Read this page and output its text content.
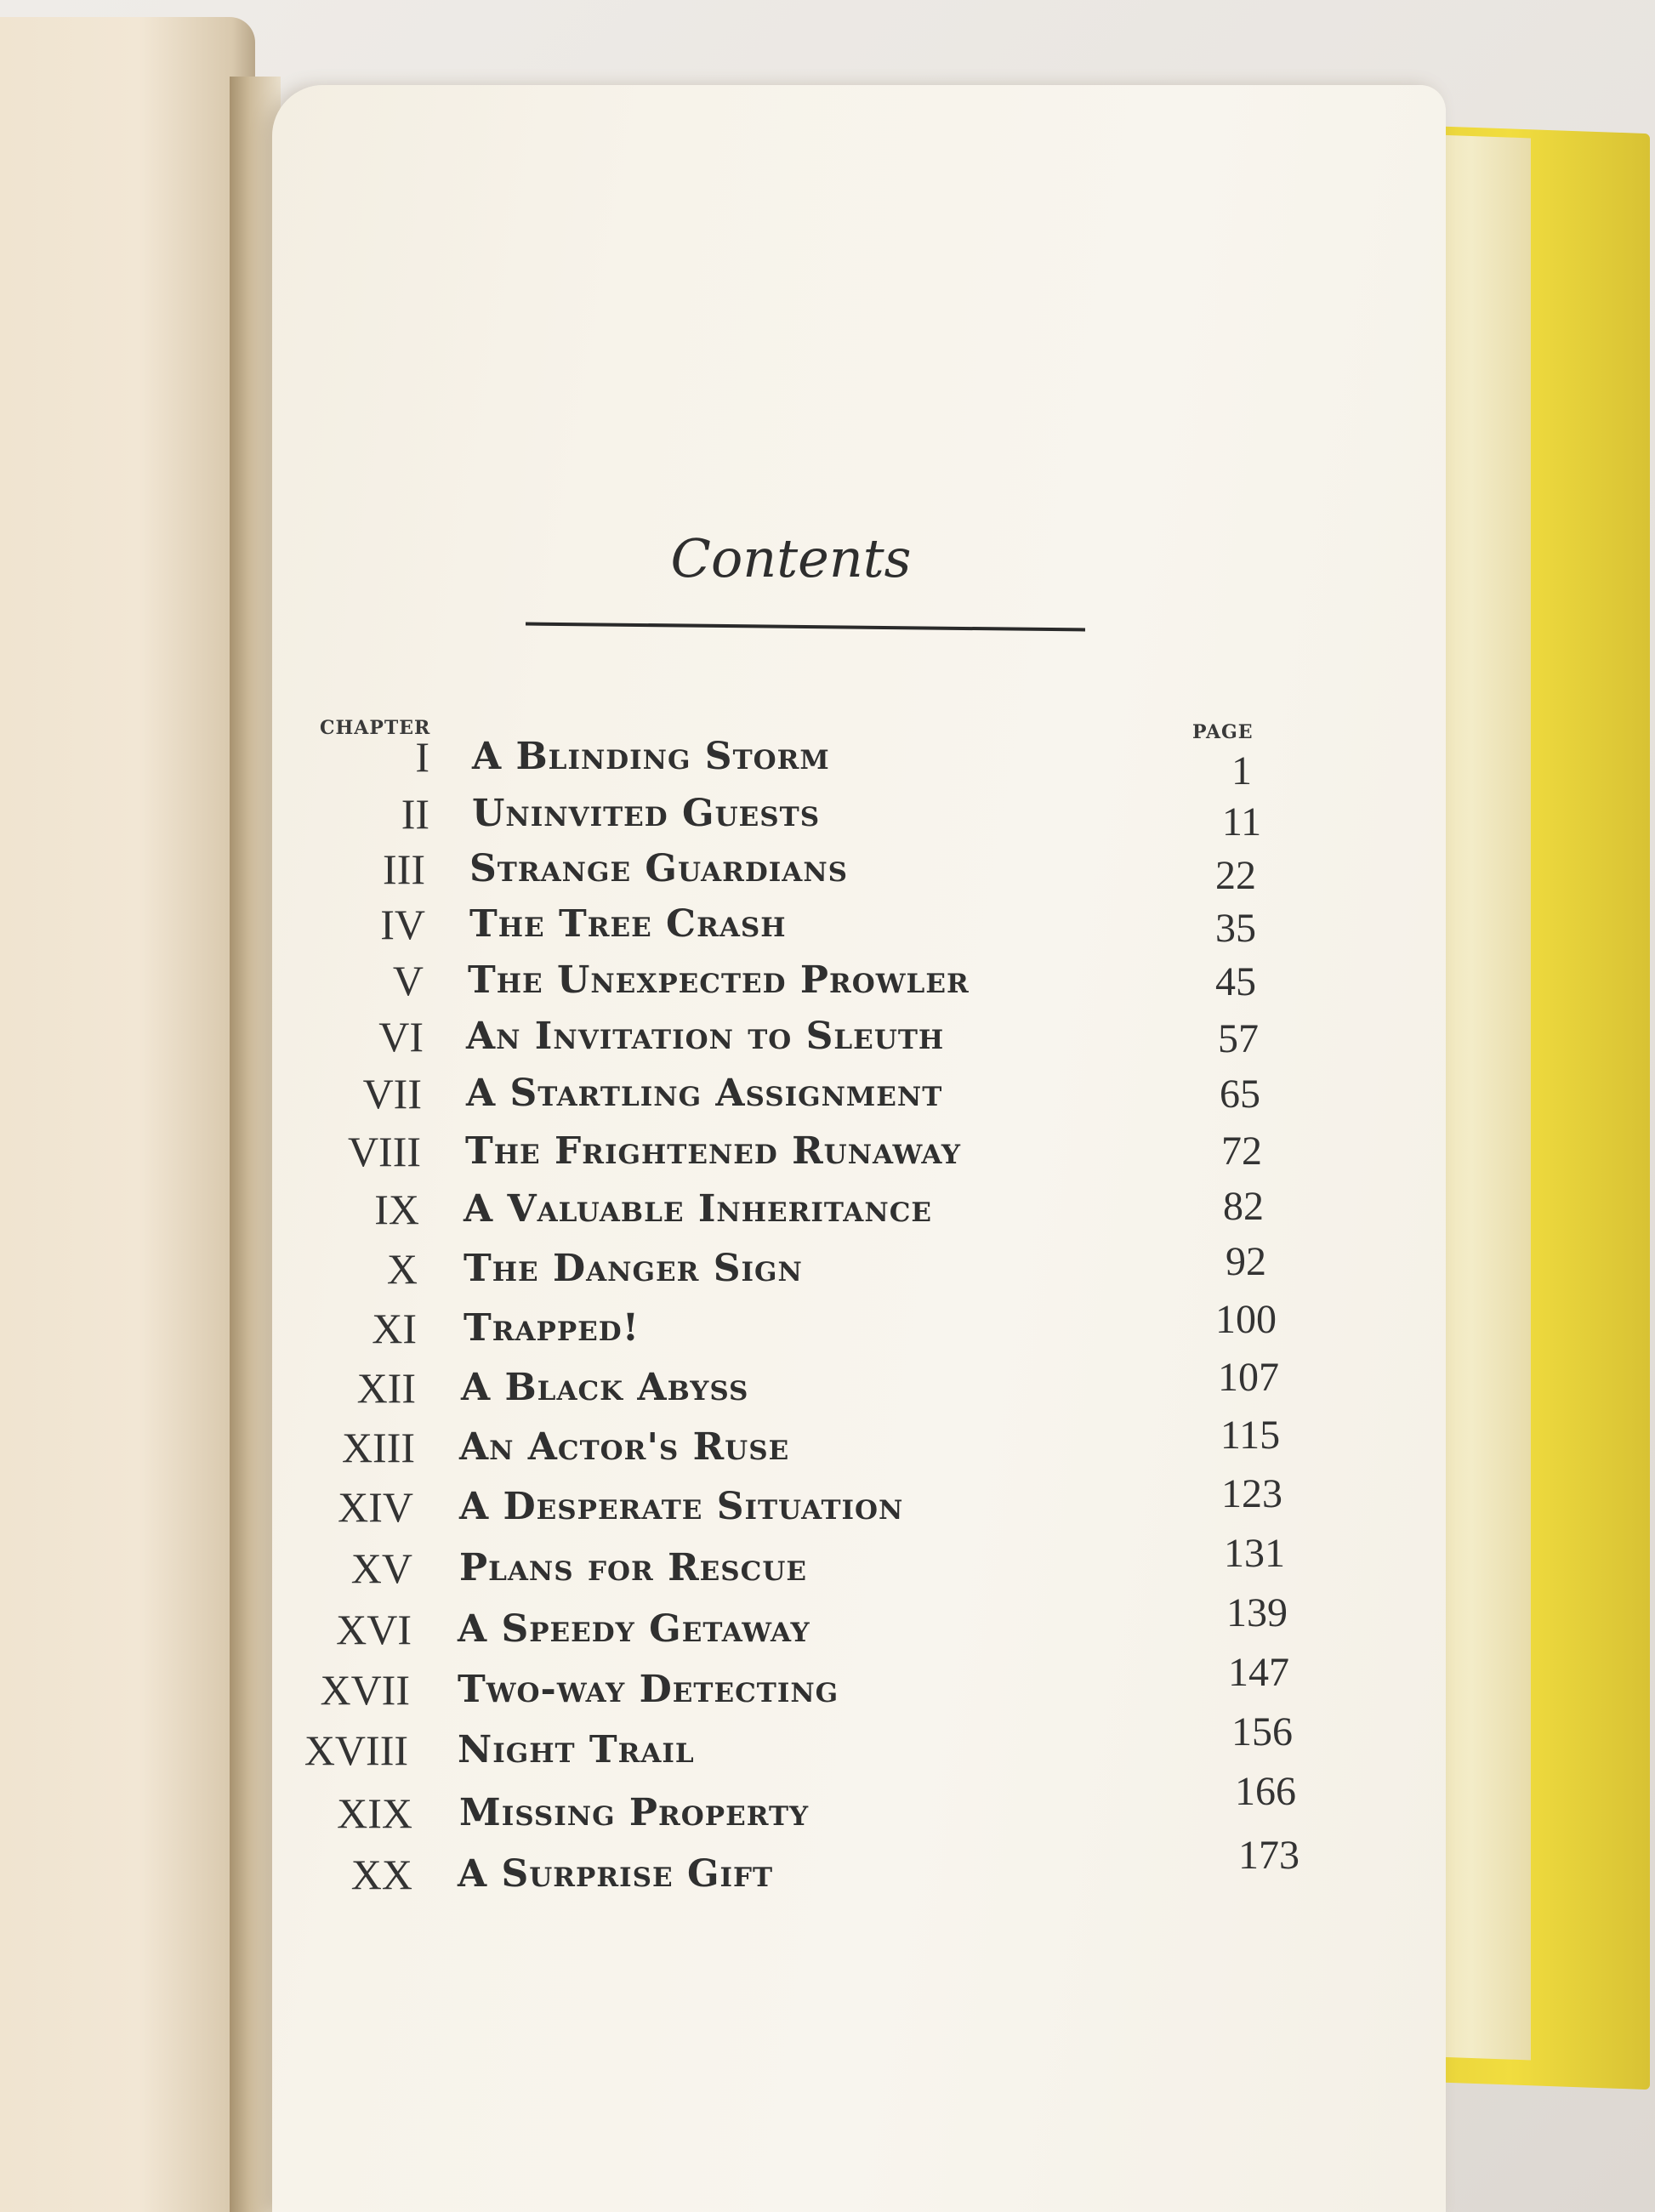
Contents
CHAPTER	PAGE
I A Blinding Storm	1
II Uninvited Guests	11
III Strange Guardians	22
IV The Tree Crash	35
V The Unexpected Prowler	45
VI An Invitation to Sleuth	57
VII A Startling Assignment	65
VIII The Frightened Runaway	72
IX A Valuable Inheritance	82
X The Danger Sign	92
XI Trapped!	100
XII A Black Abyss	107
XIII An Actor's Ruse	115
XIV A Desperate Situation	123
XV Plans for Rescue	131
XVI A Speedy Getaway	139
XVII Two-way Detecting	147
XVIII Night Trail	156
XIX Missing Property	166
XX A Surprise Gift	173
